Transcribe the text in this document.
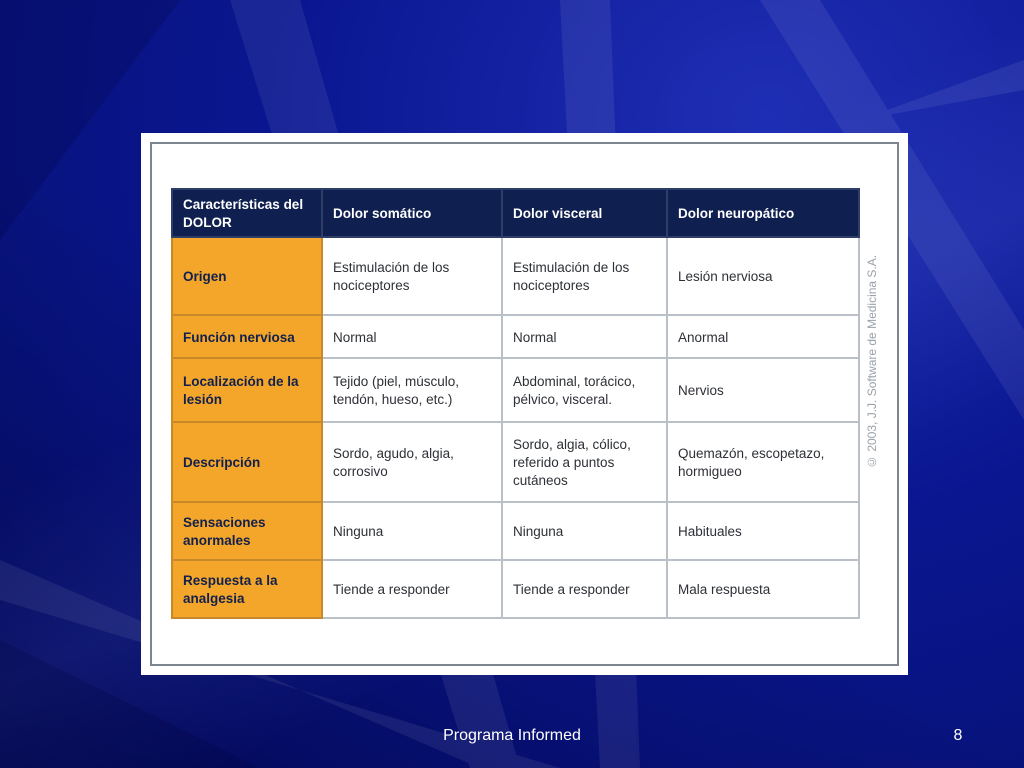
© 2003, J.J. Software de Medicina S.A.
Características del DOLOR	Dolor somático	Dolor visceral	Dolor neuropático
Origen	Estimulación de los nociceptores	Estimulación de los nociceptores	Lesión nerviosa
Función nerviosa	Normal	Normal	Anormal
Localización de la lesión	Tejido (piel, músculo, tendón, hueso, etc.)	Abdominal, torácico, pélvico, visceral.	Nervios
Descripción	Sordo, agudo, algia, corrosivo	Sordo, algia, cólico, referido a puntos cutáneos	Quemazón, escopetazo, hormigueo
Sensaciones anormales	Ninguna	Ninguna	Habituales
Respuesta a la analgesia	Tiende a responder	Tiende a responder	Mala respuesta
Programa Informed	8
